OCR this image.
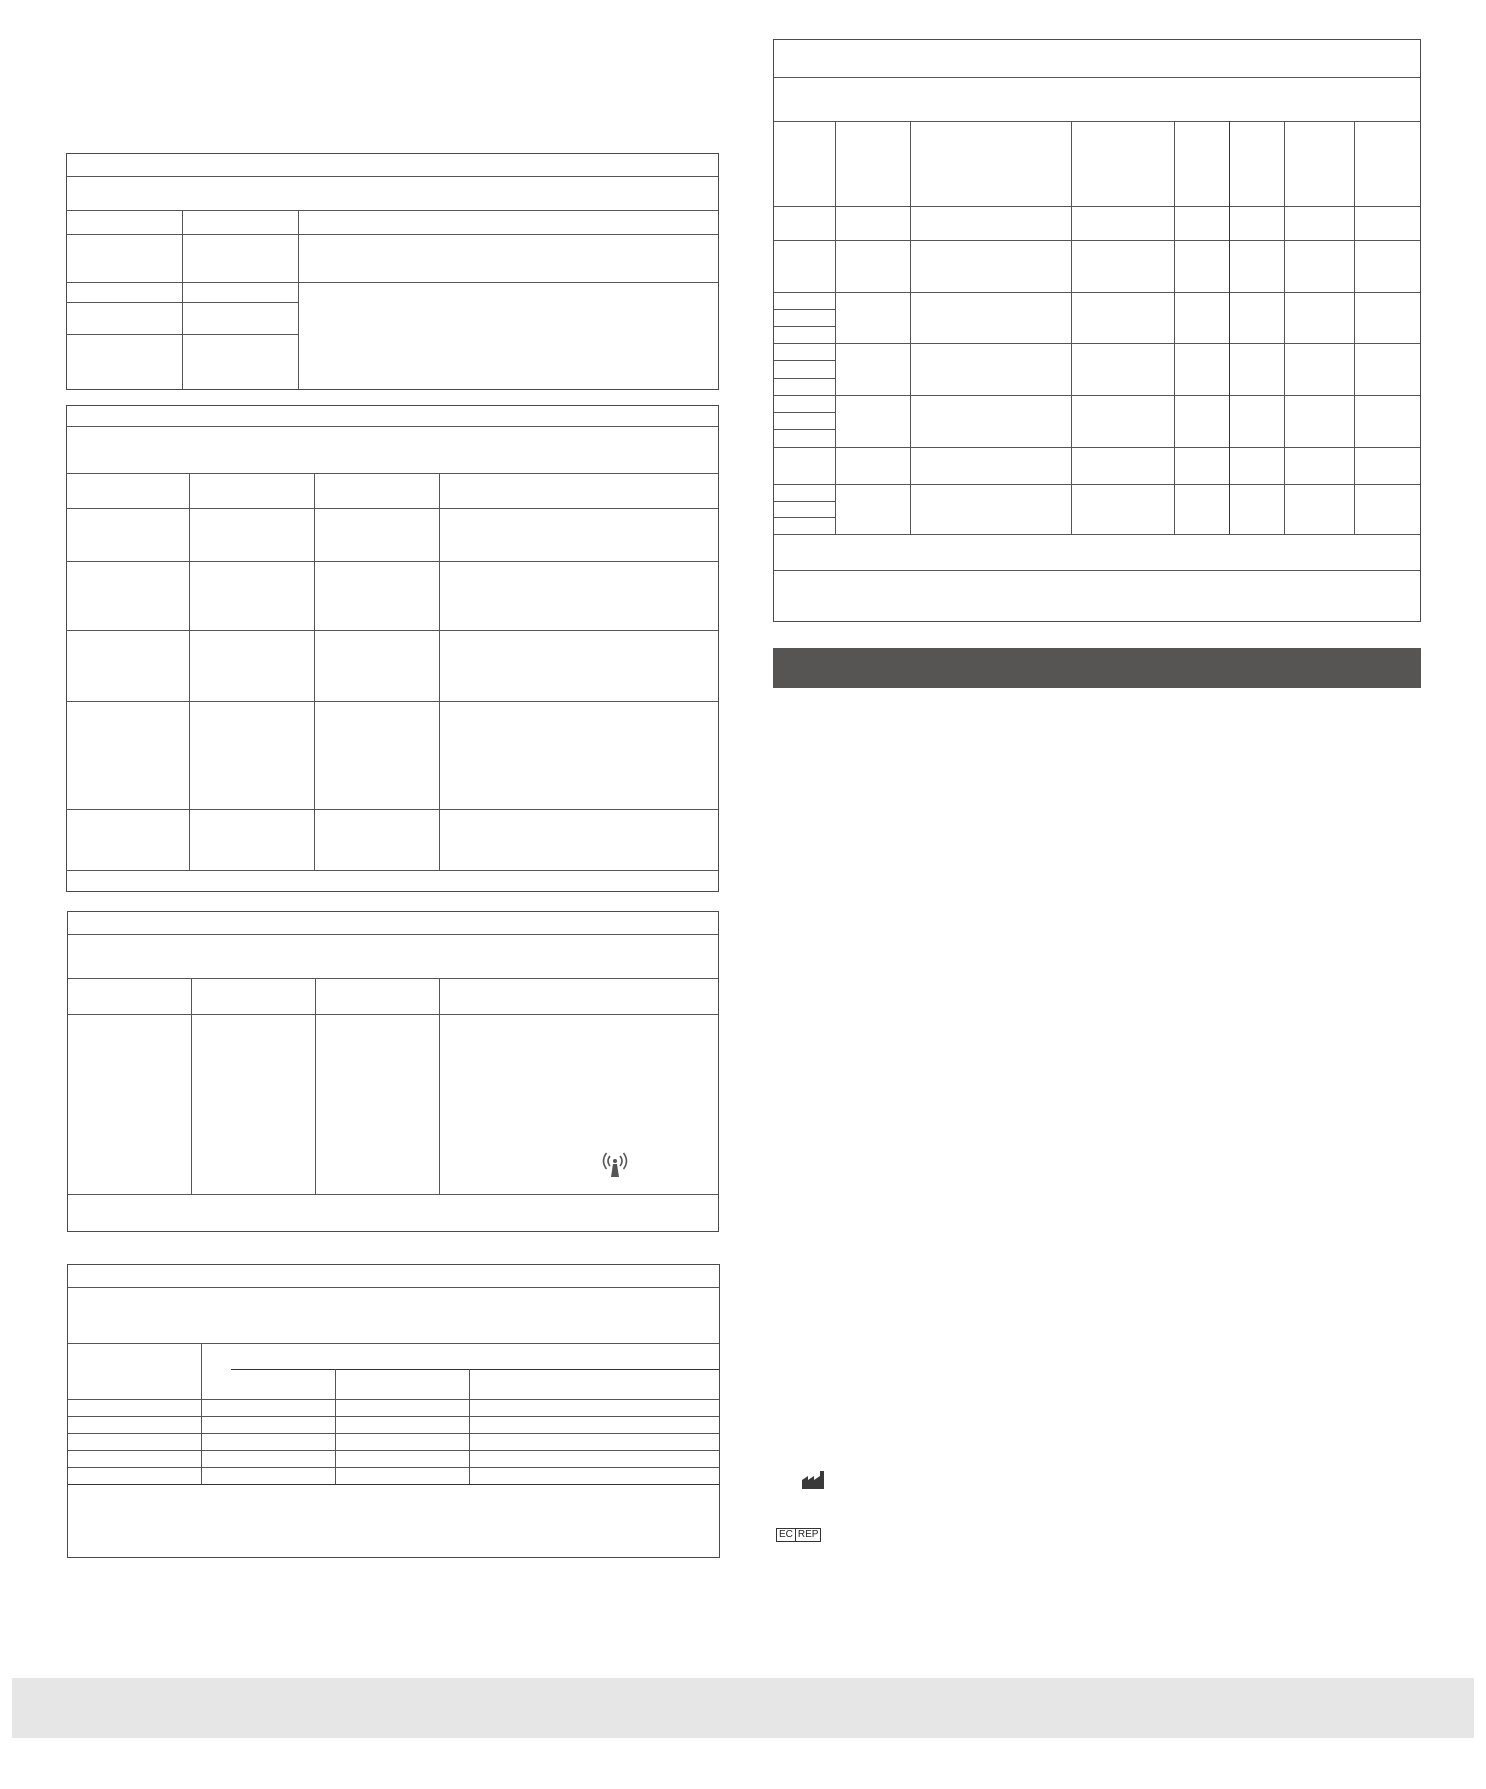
EC REP
